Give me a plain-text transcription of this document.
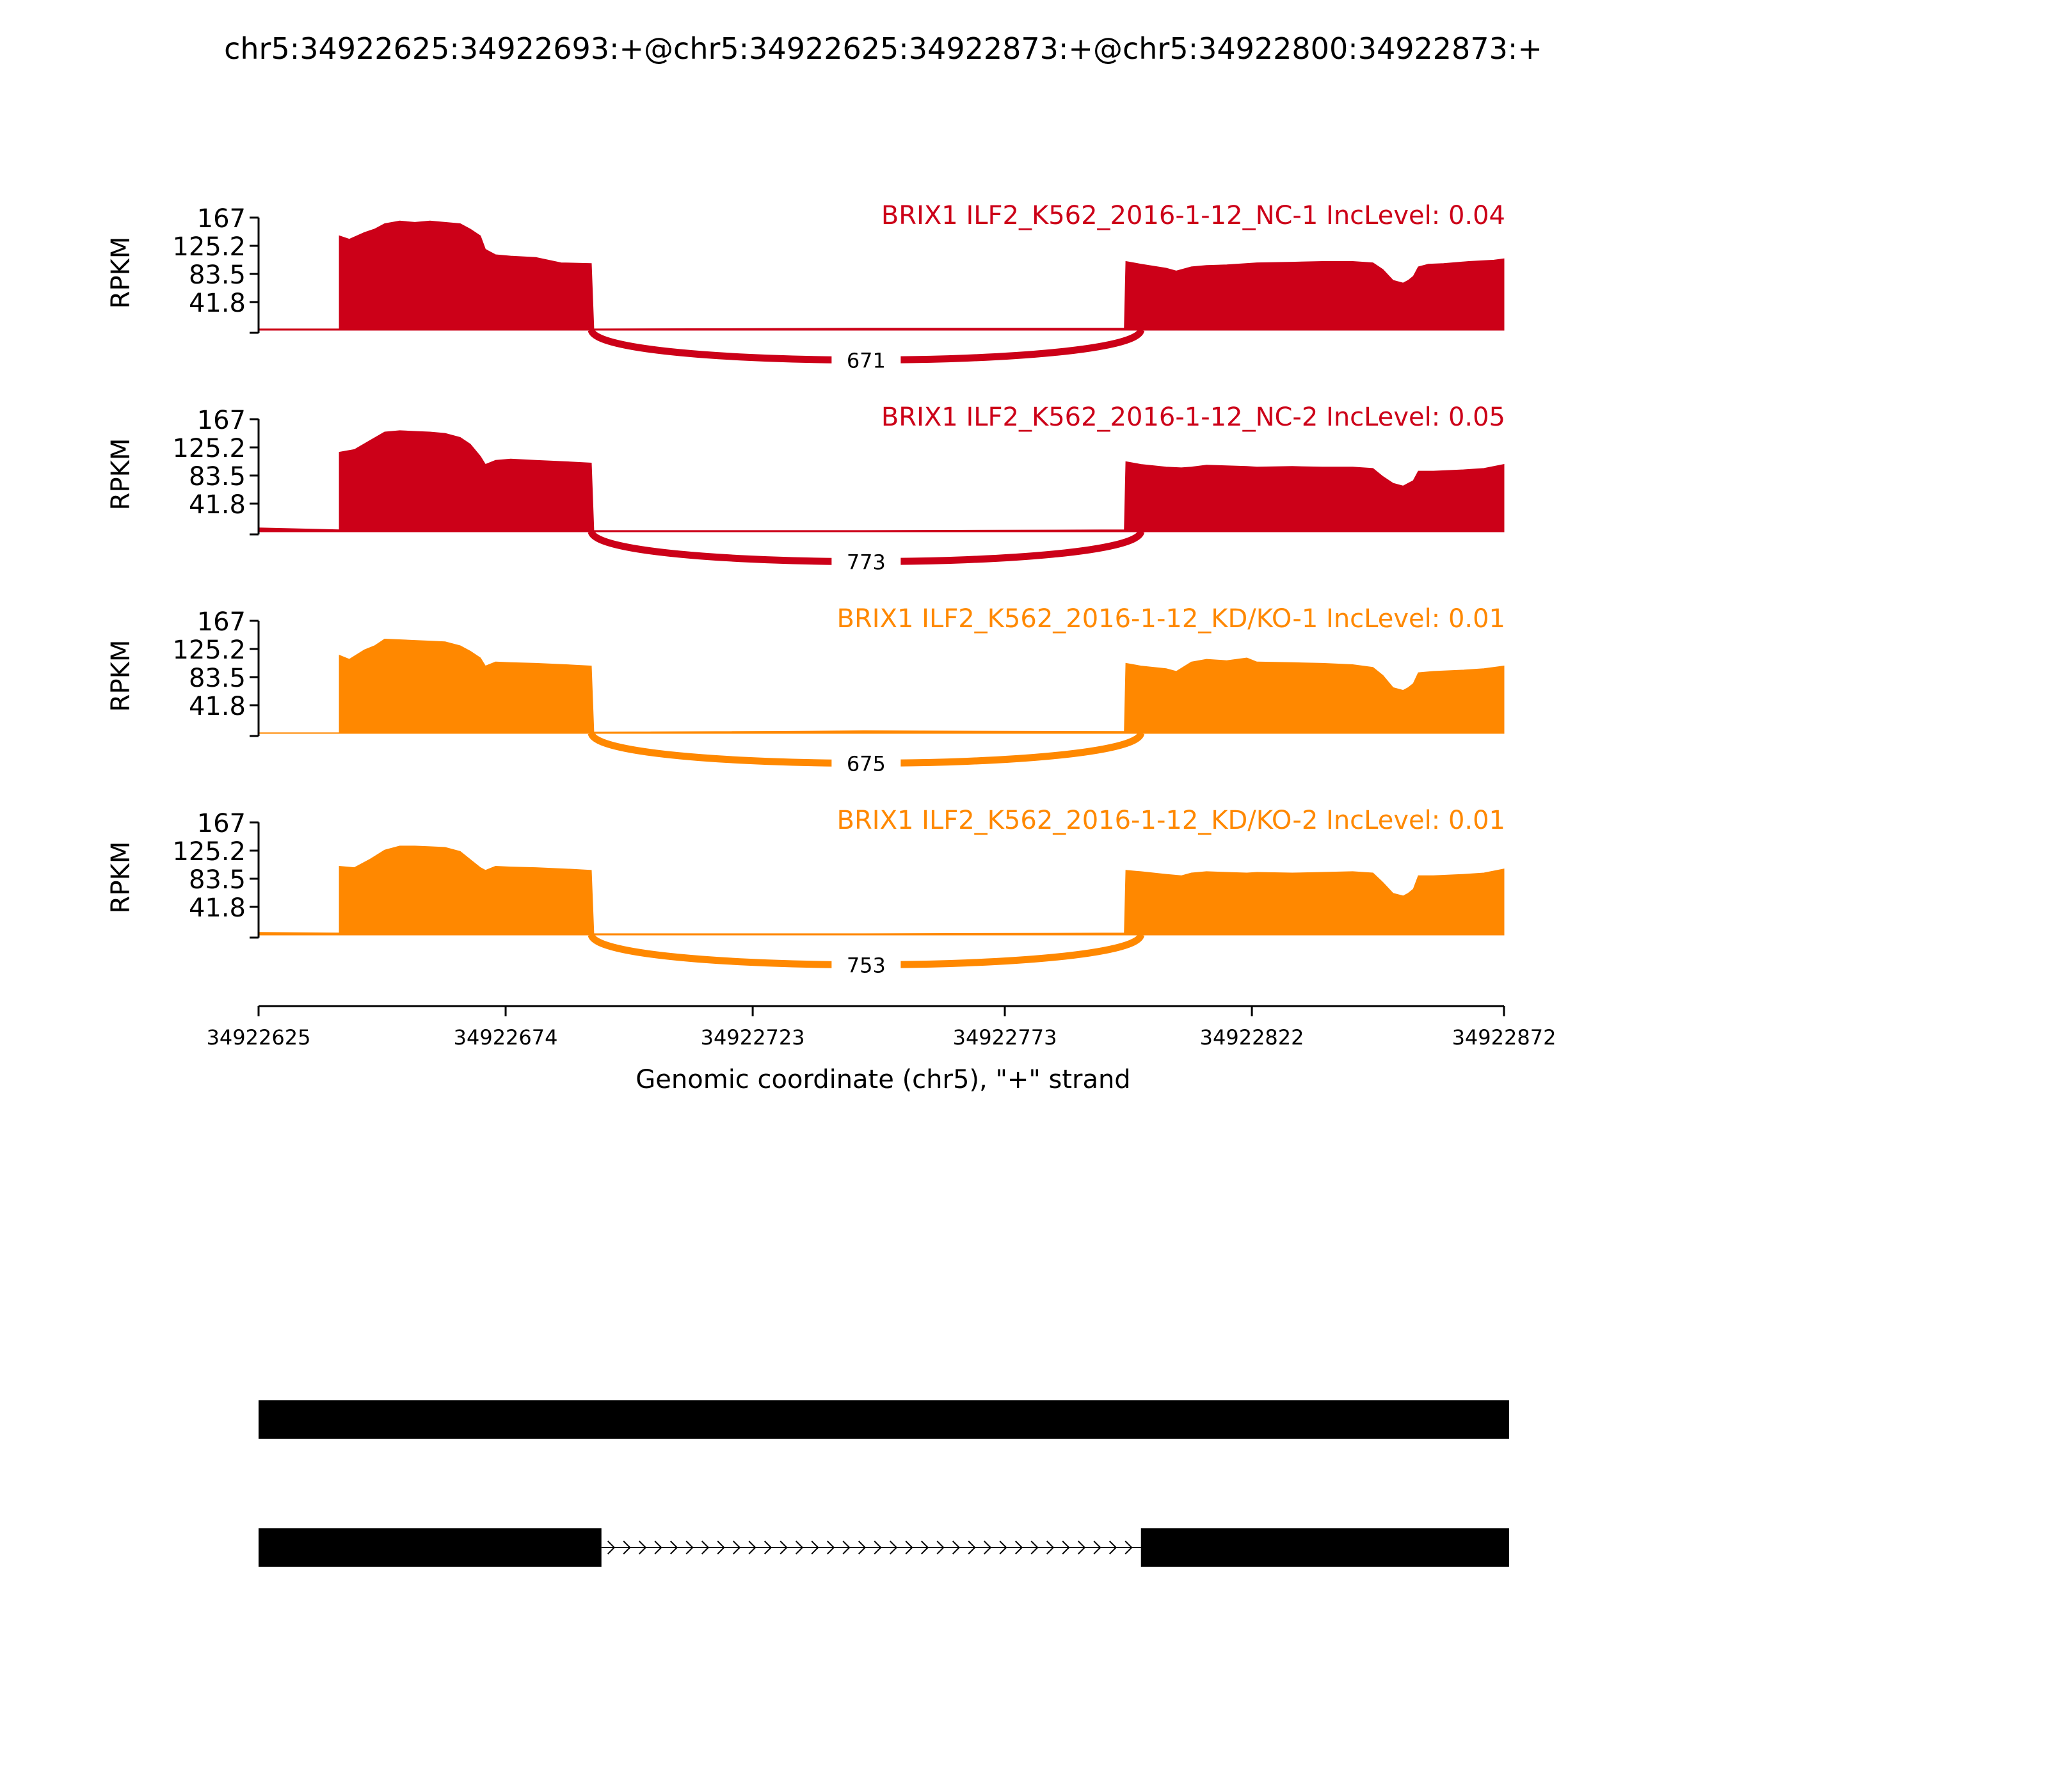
chr5:34922625:34922693:+@chr5:34922625:34922873:+@chr5:34922800:34922873:+
167
125.2
83.5
41.8
RPKM
BRIX1 ILF2_K562_2016-1-12_NC-1 IncLevel: 0.04
671
167
125.2
83.5
41.8
RPKM
BRIX1 ILF2_K562_2016-1-12_NC-2 IncLevel: 0.05
773
167
125.2
83.5
41.8
RPKM
BRIX1 ILF2_K562_2016-1-12_KD/KO-1 IncLevel: 0.01
675
167
125.2
83.5
41.8
RPKM
BRIX1 ILF2_K562_2016-1-12_KD/KO-2 IncLevel: 0.01
753
34922625	34922674	34922723	34922773	34922822	34922872
Genomic coordinate (chr5), "+" strand
